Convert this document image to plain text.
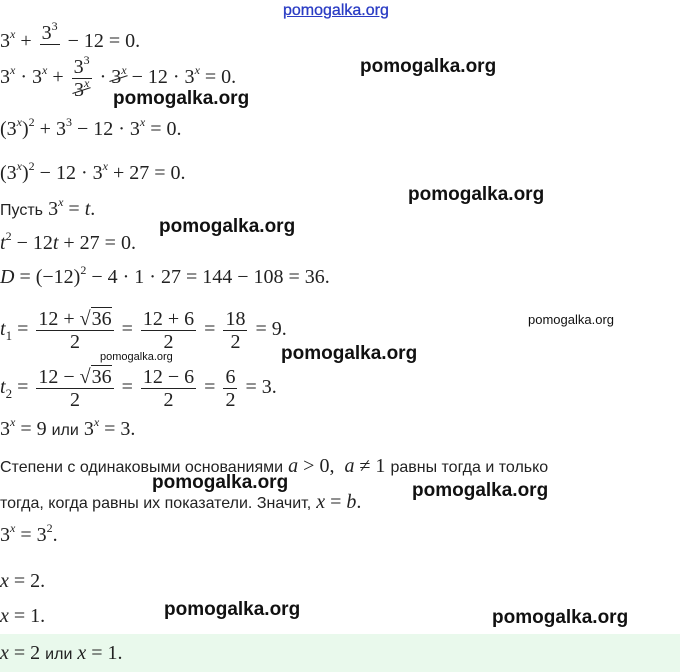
pomogalka.org
$3^x + 3^3$
− 12 = 0.
$3^x \cdot 3^x + \frac{3^3}{3^x} \cdot 3^x - 12 \cdot 3^x = 0$.
$(3^x)^2 + 3^3 - 12 \cdot 3^x = 0$.
$(3^x)^2 - 12 \cdot 3^x + 27 = 0$.
Пусть $3^x = t$.
$t^2 - 12t + 27 = 0$.
$D = (-12)^2 - 4 \cdot 1 \cdot 27 = 144 - 108 = 36$.
$t_1 = \frac{12 + √36}{2} = \frac{12 + 6}{2} = \frac{18}{2} = 9$.
$t_2 = \frac{12 - √36}{2} = \frac{12 - 6}{2} = \frac{6}{2} = 3$.
$3^x = 9$ или $3^x = 3$.
Степени с одинаковыми основаниями a > 0,  a ≠ 1 равны тогда и только
тогда, когда равны их показатели. Значит, x = b.
$3^x = 3^2$.
x = 2.
x = 1.
x = 2 или x = 1.
pomogalka.org
pomogalka.org
pomogalka.org
pomogalka.org
pomogalka.org
pomogalka.org
pomogalka.org
pomogalka.org	pomogalka.org
pomogalka.org	pomogalka.org
